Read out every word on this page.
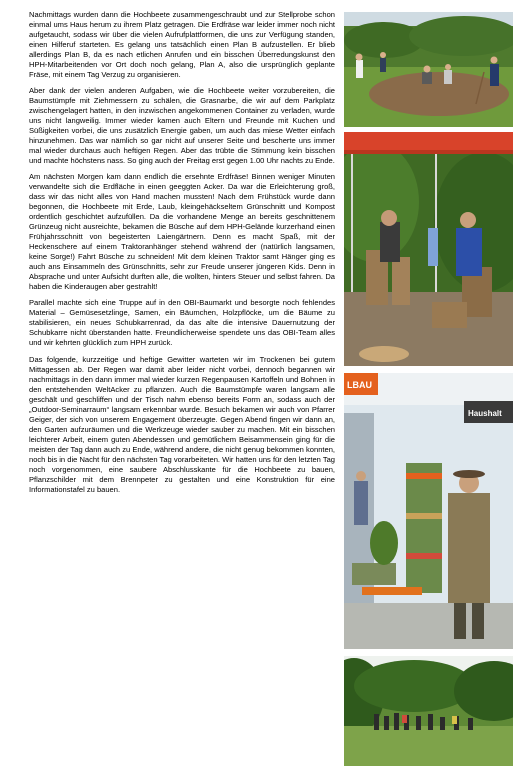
Nachmittags wurden dann die Hochbeete zusammengeschraubt und zur Stellprobe schon einmal ums Haus herum zu ihrem Platz getragen. Die Erdfräse war leider immer noch nicht aufgetaucht, sodass wir über die vielen Aufrufplattformen, die uns zur Verfügung standen, einen Hilferuf starteten. Es gelang uns tatsächlich einen Plan B aufzustellen. Er blieb allerdings Plan B, da es nach etlichen Anrufen und ein bisschen Überredungskunst den HPH-Mitarbeitenden vor Ort doch noch gelang, Plan A, also die ursprünglich geplante Fräse, mit einem Tag Verzug zu organisieren.

Aber dank der vielen anderen Aufgaben, wie die Hochbeete weiter vorzubereiten, die Baumstümpfe mit Ziehmessern zu schälen, die Grasnarbe, die wir auf dem Parkplatz zwischengelagert hatten, in den inzwischen angekommenen Container zu verladen, wurde uns nicht langweilig. Immer wieder kamen auch Eltern und Freunde mit Kuchen und Süßigkeiten vorbei, die uns zusätzlich Energie gaben, um auch das miese Wetter einfach hinzunehmen. Das war nämlich so gar nicht auf unserer Seite und bescherte uns immer mal wieder durchaus auch heftigen Regen. Aber das trübte die Stimmung kein bisschen und machte höchstens nass. So ging auch der Freitag erst gegen 1.00 Uhr nachts zu Ende.

Am nächsten Morgen kam dann endlich die ersehnte Erdfräse! Binnen weniger Minuten verwandelte sich die Erdfläche in einen geeggten Acker. Da war die Erleichterung groß, dass wir das nicht alles von Hand machen mussten! Nach dem Frühstück wurde dann begonnen, die Hochbeete mit Erde, Laub, kleingehäckseltem Grünschnitt und Kompost ordentlich geschichtet aufzufüllen. Da die vorhandene Menge an bereits geschnittenem Grünzeug nicht ausreichte, bekamen die Büsche auf dem HPH-Gelände kurzerhand einen Frühjahrsschnitt von begeisterten Laiengärtnern. Denn es macht Spaß, mit der Heckenschere auf einem Traktoranhänger stehend während der (natürlich langsamen, keine Sorge!) Fahrt Büsche zu schneiden! Mit dem kleinen Traktor samt Hänger ging es auch ans Einsammeln des Grünschnitts, sehr zur Freude unserer jüngeren Kids. Denn in Absprache und unter Aufsicht durften alle, die wollten, hinters Steuer und selbst fahren. Da haben die Kinderaugen aber gestrahlt!

Parallel machte sich eine Truppe auf in den OBI-Baumarkt und besorgte noch fehlendes Material – Gemüsesetzlinge, Samen, ein Bäumchen, Holzpflöcke, um die Bäume zu stabilisieren, ein neues Schubkarrenrad, da das alte die intensive Dauernutzung der Schubkarre nicht überstanden hatte. Freundlicherweise spendete uns das OBI-Team alles und wir kehrten glücklich zum HPH zurück.

Das folgende, kurzzeitige und heftige Gewitter warteten wir im Trockenen bei gutem Mittagessen ab. Der Regen war damit aber leider nicht vorbei, dennoch begannen wir nachmittags in den dann immer mal wieder kurzen Regenpausen Kartoffeln und Bohnen in den entstehenden WeltAcker zu pflanzen. Auch die Baumstümpfe waren langsam alle geschält und geschliffen und der Tisch nahm ebenso bereits Form an, sodass auch der „Outdoor-Seminarraum“ langsam erkennbar wurde. Besuch bekamen wir auch von Pfarrer Geiger, der sich von unserem Engagement überzeugte. Gegen Abend fingen wir dann an, den Garten aufzuräumen und die Werkzeuge wieder sauber zu machen. Mit ein bisschen leichterer Arbeit, einem guten Abendessen und gemütlichem Beisammensein ging für die meisten der Tag dann auch zu Ende, während andere, die nicht genug bekommen konnten, noch bis in die Nacht für den nächsten Tag vorarbeiteten. Wir hatten uns für den letzten Tag noch vorgenommen, eine saubere Abschlusskante für die Hochbeete zu bauen, Pflanzschilder mit dem Brennpeter zu gestalten und eine Konstruktion für eine Informationstafel zu bauen.

LBAU
Haushalt
